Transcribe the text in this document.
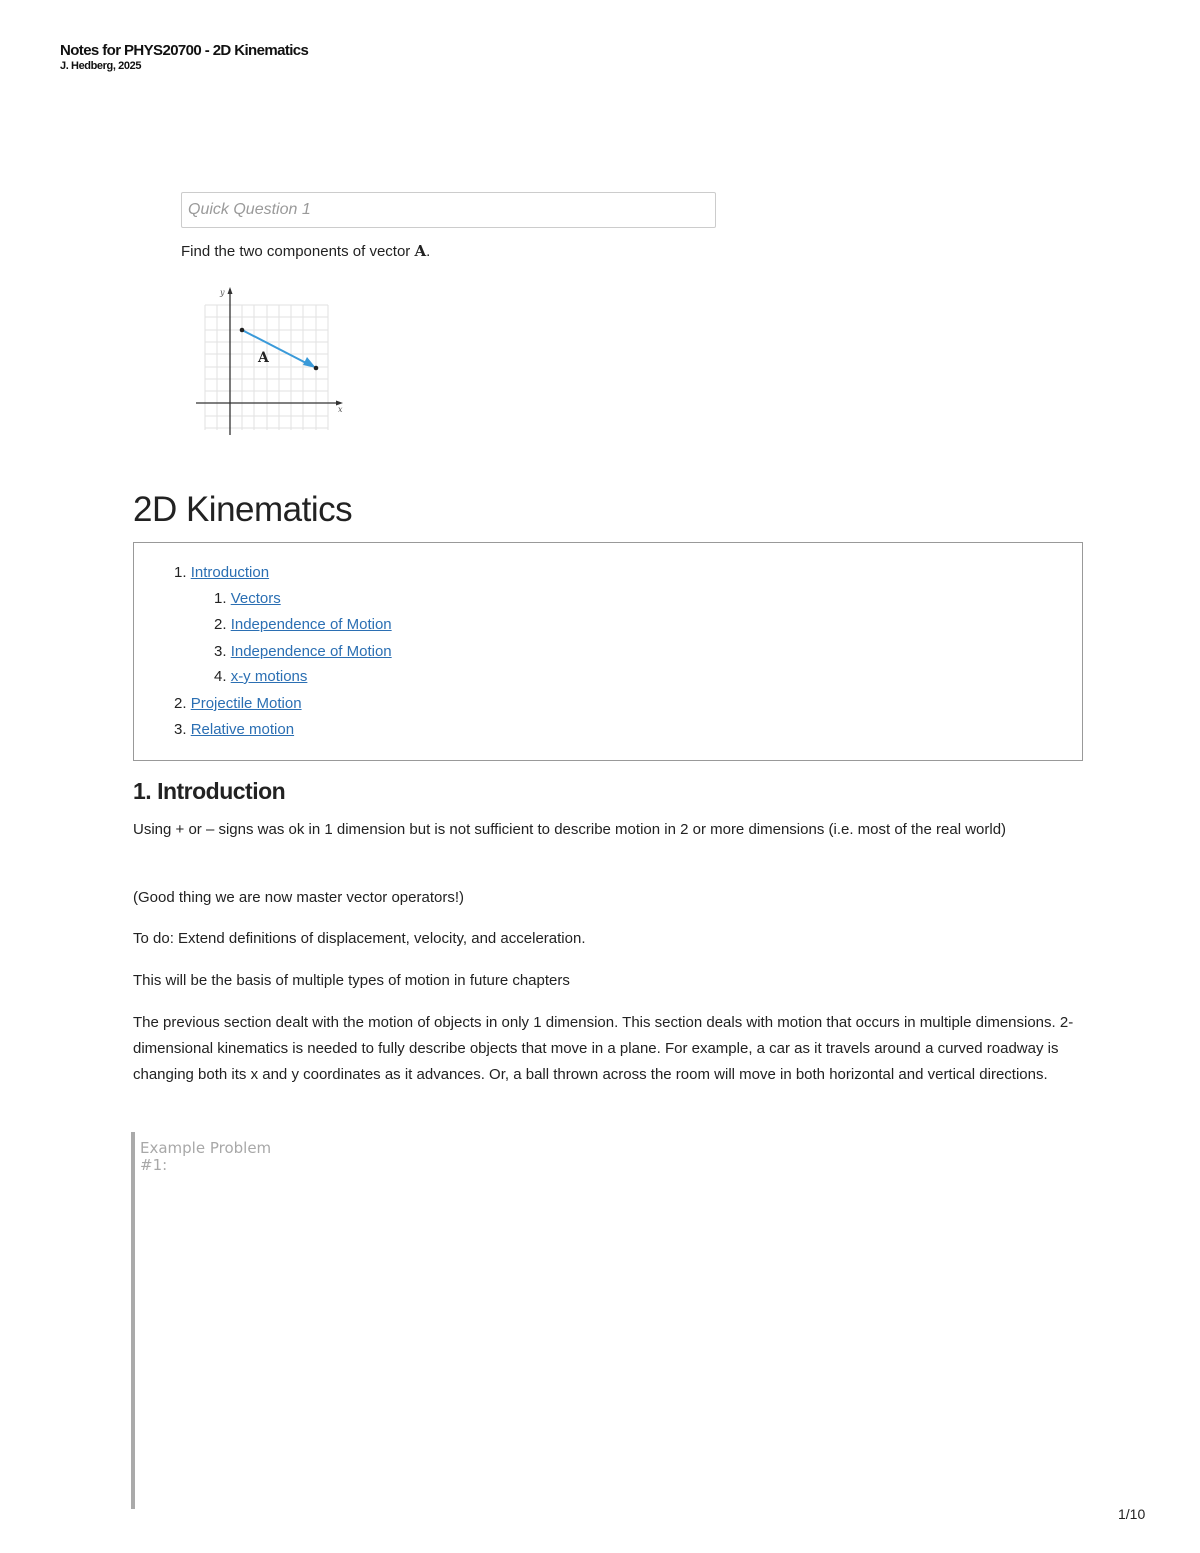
Notes for PHYS20700 - 2D Kinematics
J. Hedberg, 2025
Quick Question 1
Find the two components of vector A.
y
x
A
2D Kinematics
1. Introduction
1. Vectors
2. Independence of Motion
3. Independence of Motion
4. x-y motions
2. Projectile Motion
3. Relative motion
1. Introduction

Using + or – signs was ok in 1 dimension but is not sufficient to describe motion in 2 or more dimensions (i.e. most of the real world)

(Good thing we are now master vector operators!)

To do: Extend definitions of displacement, velocity, and acceleration.

This will be the basis of multiple types of motion in future chapters

The previous section dealt with the motion of objects in only 1 dimension. This section deals with motion that occurs in multiple dimensions. 2-dimensional kinematics is needed to fully describe objects that move in a plane. For example, a car as it travels around a curved roadway is changing both its x and y coordinates as it advances. Or, a ball thrown across the room will move in both horizontal and vertical directions.

Example Problem
#1:
1/10
